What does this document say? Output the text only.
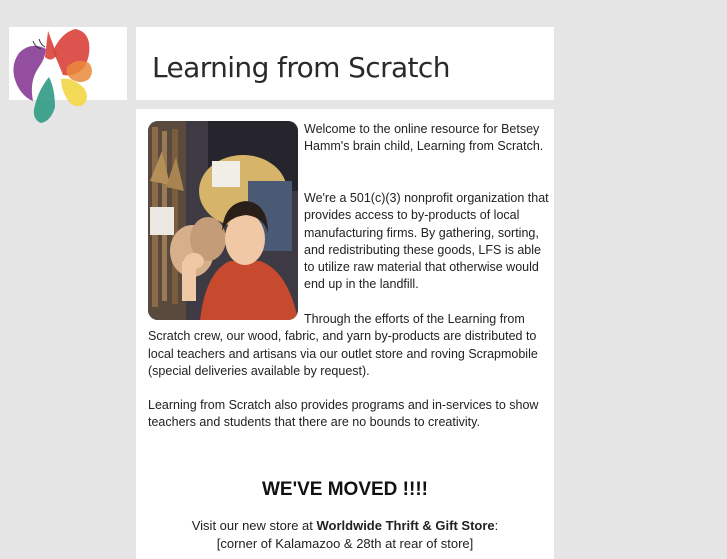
Learning from Scratch

Welcome to the online resource for Betsey Hamm's brain child, Learning from Scratch.

We're a 501(c)(3) nonprofit organization that provides access to by-products of local manufacturing firms. By gathering, sorting, and redistributing these goods, LFS is able to utilize raw material that otherwise would end up in the landfill.

Through the efforts of the Learning from Scratch crew, our wood, fabric, and yarn by-products are distributed to local teachers and artisans via our outlet store and roving Scrapmobile (special deliveries available by request).

Learning from Scratch also provides programs and in-services to show teachers and students that there are no bounds to creativity.

WE'VE MOVED !!!!

Visit our new store at Worldwide Thrift & Gift Store:

[corner of Kalamazoo & 28th at rear of store]
